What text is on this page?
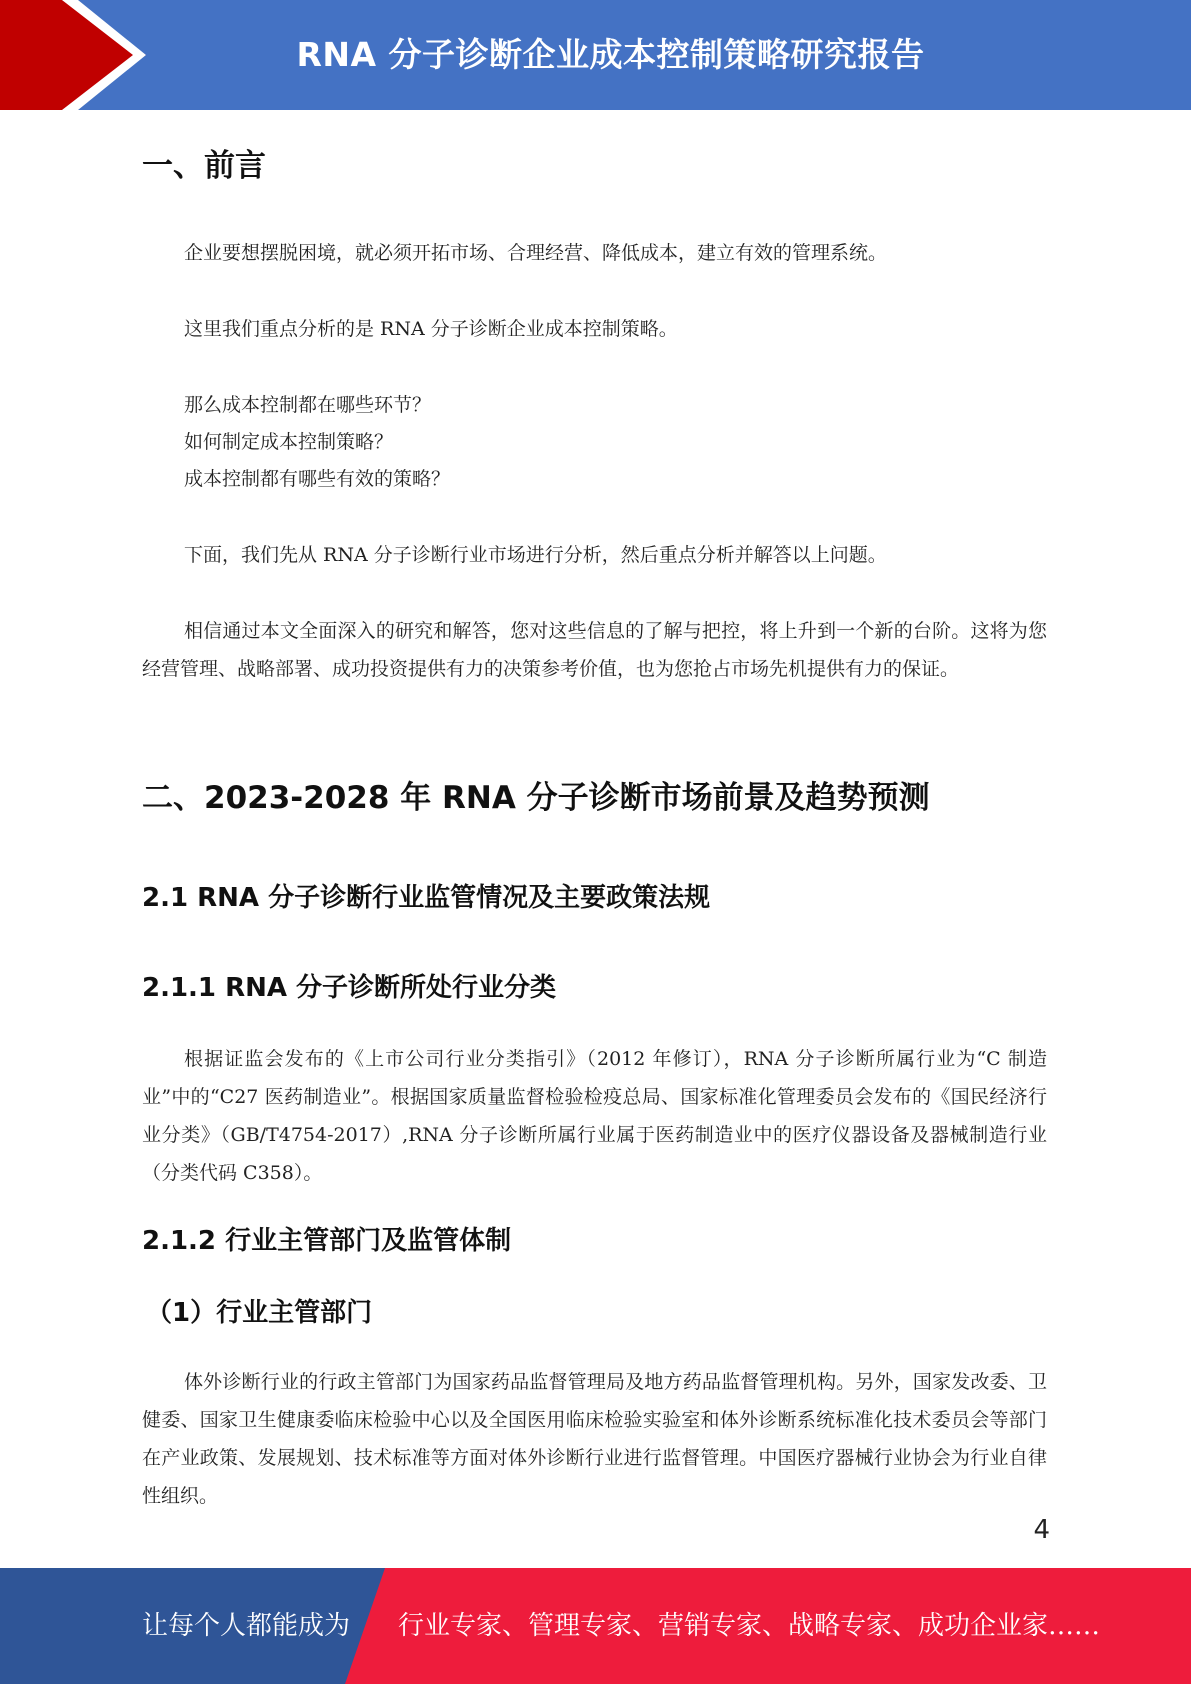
RNA 分子诊断企业成本控制策略研究报告
一、前言
企业要想摆脱困境，就必须开拓市场、合理经营、降低成本，建立有效的管理系统。
这里我们重点分析的是 RNA 分子诊断企业成本控制策略。
那么成本控制都在哪些环节？
如何制定成本控制策略？
成本控制都有哪些有效的策略？
下面，我们先从 RNA 分子诊断行业市场进行分析，然后重点分析并解答以上问题。
相信通过本文全面深入的研究和解答，您对这些信息的了解与把控，将上升到一个新的台阶。这将为您经营管理、战略部署、成功投资提供有力的决策参考价值，也为您抢占市场先机提供有力的保证。
二、2023-2028 年 RNA 分子诊断市场前景及趋势预测
2.1 RNA 分子诊断行业监管情况及主要政策法规
2.1.1 RNA 分子诊断所处行业分类
根据证监会发布的《上市公司行业分类指引》（2012 年修订），RNA 分子诊断所属行业为“C 制造业”中的“C27 医药制造业”。根据国家质量监督检验检疫总局、国家标准化管理委员会发布的《国民经济行业分类》（GB/T4754-2017）,RNA 分子诊断所属行业属于医药制造业中的医疗仪器设备及器械制造行业（分类代码 C358）。
2.1.2 行业主管部门及监管体制
（1）行业主管部门
体外诊断行业的行政主管部门为国家药品监督管理局及地方药品监督管理机构。另外，国家发改委、卫健委、国家卫生健康委临床检验中心以及全国医用临床检验实验室和体外诊断系统标准化技术委员会等部门在产业政策、发展规划、技术标准等方面对体外诊断行业进行监督管理。中国医疗器械行业协会为行业自律性组织。
4
让每个人都能成为 行业专家、管理专家、营销专家、战略专家、成功企业家……
